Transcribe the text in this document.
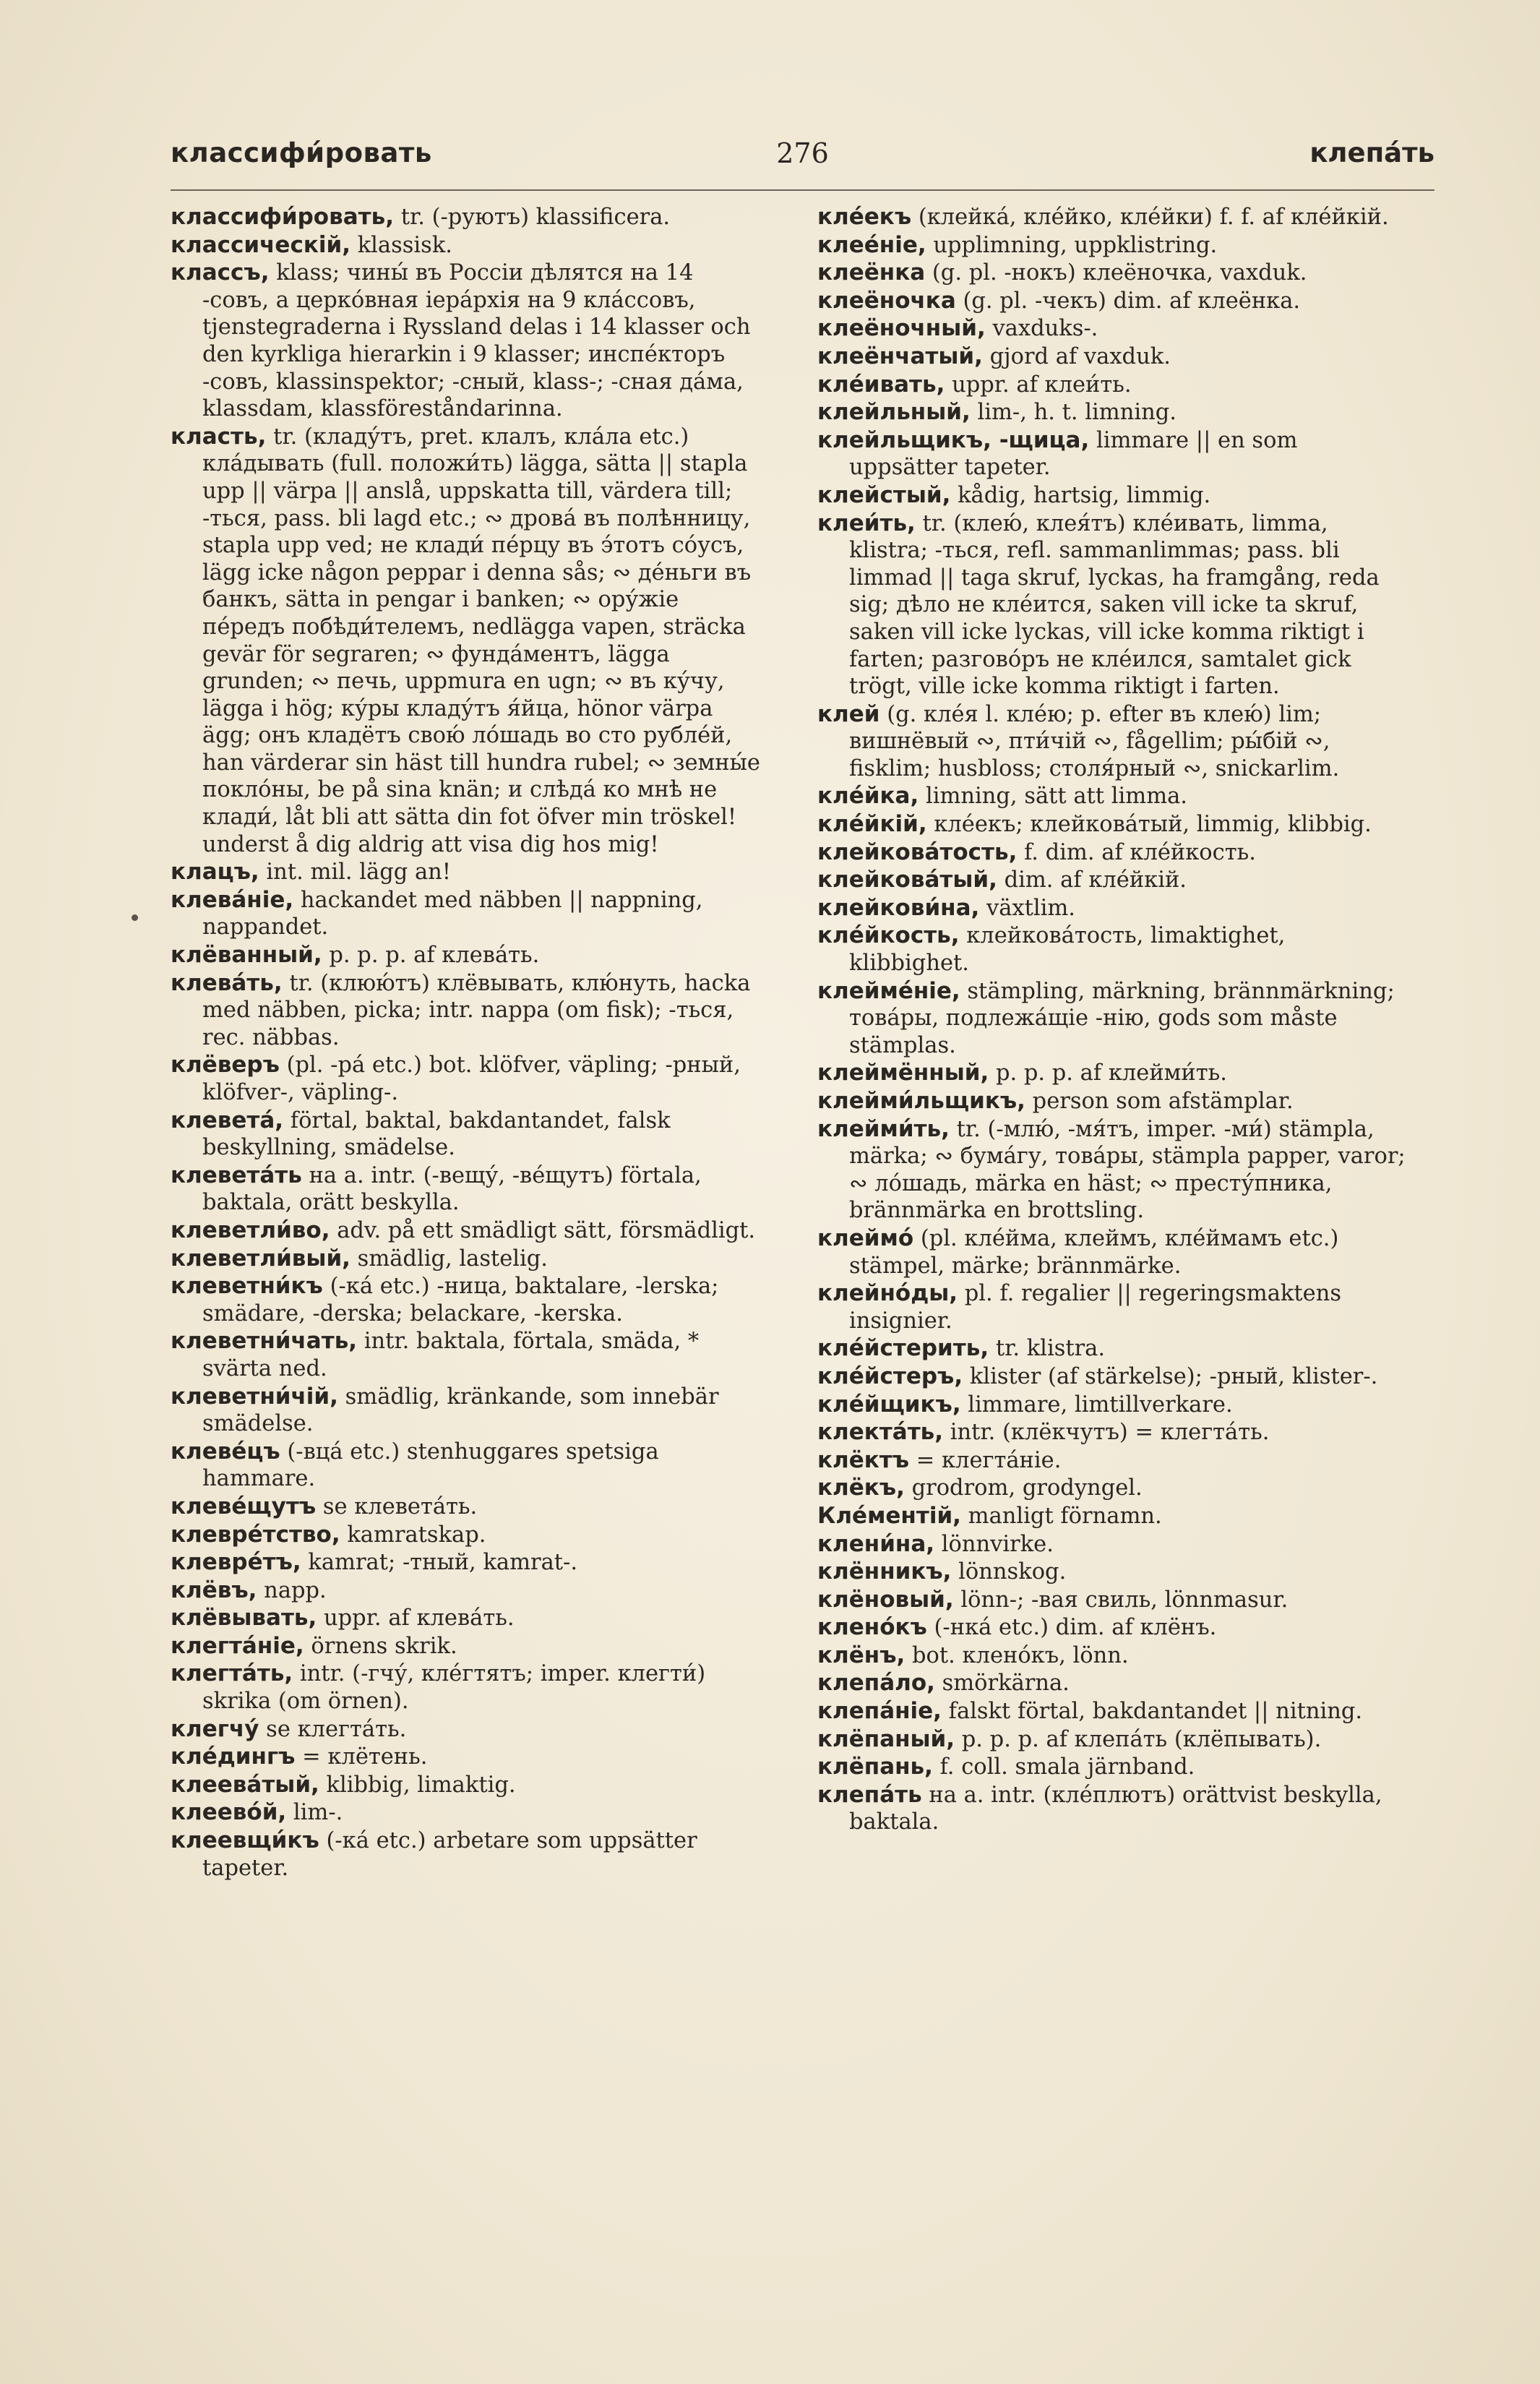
классифи́ровать	276	клепа́ть
классифи́ровать, tr. (-руютъ) klassificera.
классическій, klassisk.
классъ, klass; чины́ въ Россiи дѣлятся на 14 -совъ, а церко́вная iера́рхiя на 9 кла́ссовъ, tjenstegraderna i Ryssland delas i 14 klasser och den kyrkliga hierarkin i 9 klasser; инспе́кторъ -совъ, klassinspektor; -сный, klass-; -сная да́ма, klassdam, klassföreståndarinna.
класть, tr. (кладу́тъ, pret. клалъ, кла́ла etc.) кла́дывать (full. положи́ть) lägga, sätta || stapla upp || värpa || anslå, uppskatta till, värdera till; -ться, pass. bli lagd etc.; ∾ дрова́ въ полѣнницу, stapla upp ved; не клади́ пе́рцу въ э́тотъ со́усъ, lägg icke någon peppar i denna sås; ∾ де́ньги въ банкъ, sätta in pengar i banken; ∾ ору́жiе пе́редъ побѣди́телемъ, nedlägga vapen, sträcka gevär för segraren; ∾ фунда́ментъ, lägga grunden; ∾ печь, uppmura en ugn; ∾ въ ку́чу, lägga i hög; ку́ры кладу́тъ я́йца, hönor värpa ägg; онъ кладётъ свою́ ло́шадь во сто рублéй, han värderar sin häst till hundra rubel; ∾ земны́е покло́ны, be på sina knän; и слѣда́ ко мнѣ не клади́, låt bli att sätta din fot öfver min tröskel! underst å dig aldrig att visa dig hos mig!
клацъ, int. mil. lägg an!
клева́нiе, hackandet med näbben || nappning, nappandet.
клёванный, p. p. p. af клева́ть.
клева́ть, tr. (клюю́тъ) клёвывать, клю́нуть, hacka med näbben, picka; intr. nappa (om fisk); -ться, rec. näbbas.
клёверъ (pl. -ра́ etc.) bot. klöfver, väpling; -рный, klöfver-, väpling-.
клевета́, förtal, baktal, bakdantandet, falsk beskyllning, smädelse.
клевета́ть на a. intr. (-вещу́, -ве́щутъ) förtala, baktala, orätt beskylla.
клеветли́во, adv. på ett smädligt sätt, försmädligt.
клеветли́вый, smädlig, lastelig.
клеветни́къ (-ка́ etc.) -ница, baktalare, -lerska; smädare, -derska; belackare, -kerska.
клеветни́чать, intr. baktala, förtala, smäda, * svärta ned.
клеветни́чiй, smädlig, kränkande, som innebär smädelse.
клеве́цъ (-вца́ etc.) stenhuggares spetsiga hammare.
клеве́щутъ se клевета́ть.
клевре́тство, kamratskap.
клевре́тъ, kamrat; -тный, kamrat-.
клёвъ, napp.
клёвывать, uppr. af клева́ть.
клегта́нiе, örnens skrik.
клегта́ть, intr. (-гчу́, клéгтятъ; imper. клегти́) skrika (om örnen).
клегчу́ se клегта́ть.
кле́дингъ = клётень.
клеева́тый, klibbig, limaktig.
клеево́й, lim-.
клеевщи́къ (-ка́ etc.) arbetare som uppsätter tapeter.
кле́екъ (клейка́, кле́йко, кле́йки) f. f. af кле́йкiй.
клее́нiе, upplimning, uppklistring.
клеёнка (g. pl. -нокъ) клеёночка, vaxduk.
клеёночка (g. pl. -чекъ) dim. af клеёнка.
клеёночный, vaxduks-.
клеёнчатый, gjord af vaxduk.
кле́ивать, uppr. af клеи́ть.
клейльный, lim-, h. t. limning.
клейльщикъ, -щица, limmare || en som uppsätter tapeter.
клейстый, kådig, hartsig, limmig.
клеи́ть, tr. (клею́, клея́тъ) кле́ивать, limma, klistra; -ться, refl. sammanlimmas; pass. bli limmad || taga skruf, lyckas, ha framgång, reda sig; дѣло не кле́ится, saken vill icke ta skruf, saken vill icke lyckas, vill icke komma riktigt i farten; разгово́ръ не кле́ился, samtalet gick trögt, ville icke komma riktigt i farten.
клей (g. кле́я l. клéю; p. efter въ клею́) lim; вишнёвый ∾, пти́чiй ∾, fågellim; ры́бiй ∾, fisklim; husbloss; столя́рный ∾, snickarlim.
кле́йка, limning, sätt att limma.
кле́йкiй, клéекъ; клейкова́тый, limmig, klibbig.
клейкова́тость, f. dim. af кле́йкость.
клейкова́тый, dim. af кле́йкiй.
клейкови́на, växtlim.
кле́йкость, клейкова́тость, limaktighet, klibbighet.
клейме́нiе, stämpling, märkning, brännmärkning; това́ры, подлежа́щiе -нiю, gods som måste stämplas.
клеймённый, p. p. p. af клейми́ть.
клейми́льщикъ, person som afstämplar.
клейми́ть, tr. (-млю́, -мя́тъ, imper. -ми́) stämpla, märka; ∾ бума́гу, това́ры, stämpla papper, varor; ∾ ло́шадь, märka en häst; ∾ престу́пника, brännmärka en brottsling.
клеймо́ (pl. кле́йма, клеймъ, кле́ймамъ etc.) stämpel, märke; brännmärke.
клейно́ды, pl. f. regalier || regeringsmaktens insignier.
кле́йстерить, tr. klistra.
кле́йстеръ, klister (af stärkelse); -рный, klister-.
кле́йщикъ, limmare, limtillverkare.
клекта́ть, intr. (клёкчутъ) = клегта́ть.
клёктъ = клегта́нiе.
клёкъ, grodrom, grodyngel.
Кле́ментiй, manligt förnamn.
клени́на, lönnvirke.
клённикъ, lönnskog.
клёновый, lönn-; -вая свиль, lönnmasur.
кленóкъ (-нка́ etc.) dim. af клёнъ.
клёнъ, bot. кленóкъ, lönn.
клепа́ло, smörkärna.
клепа́нiе, falskt förtal, bakdantandet || nitning.
клёпаный, p. p. p. af клепа́ть (клёпывать).
клёпань, f. coll. smala järnband.
клепа́ть на a. intr. (клéплютъ) orättvist beskylla, baktala.
